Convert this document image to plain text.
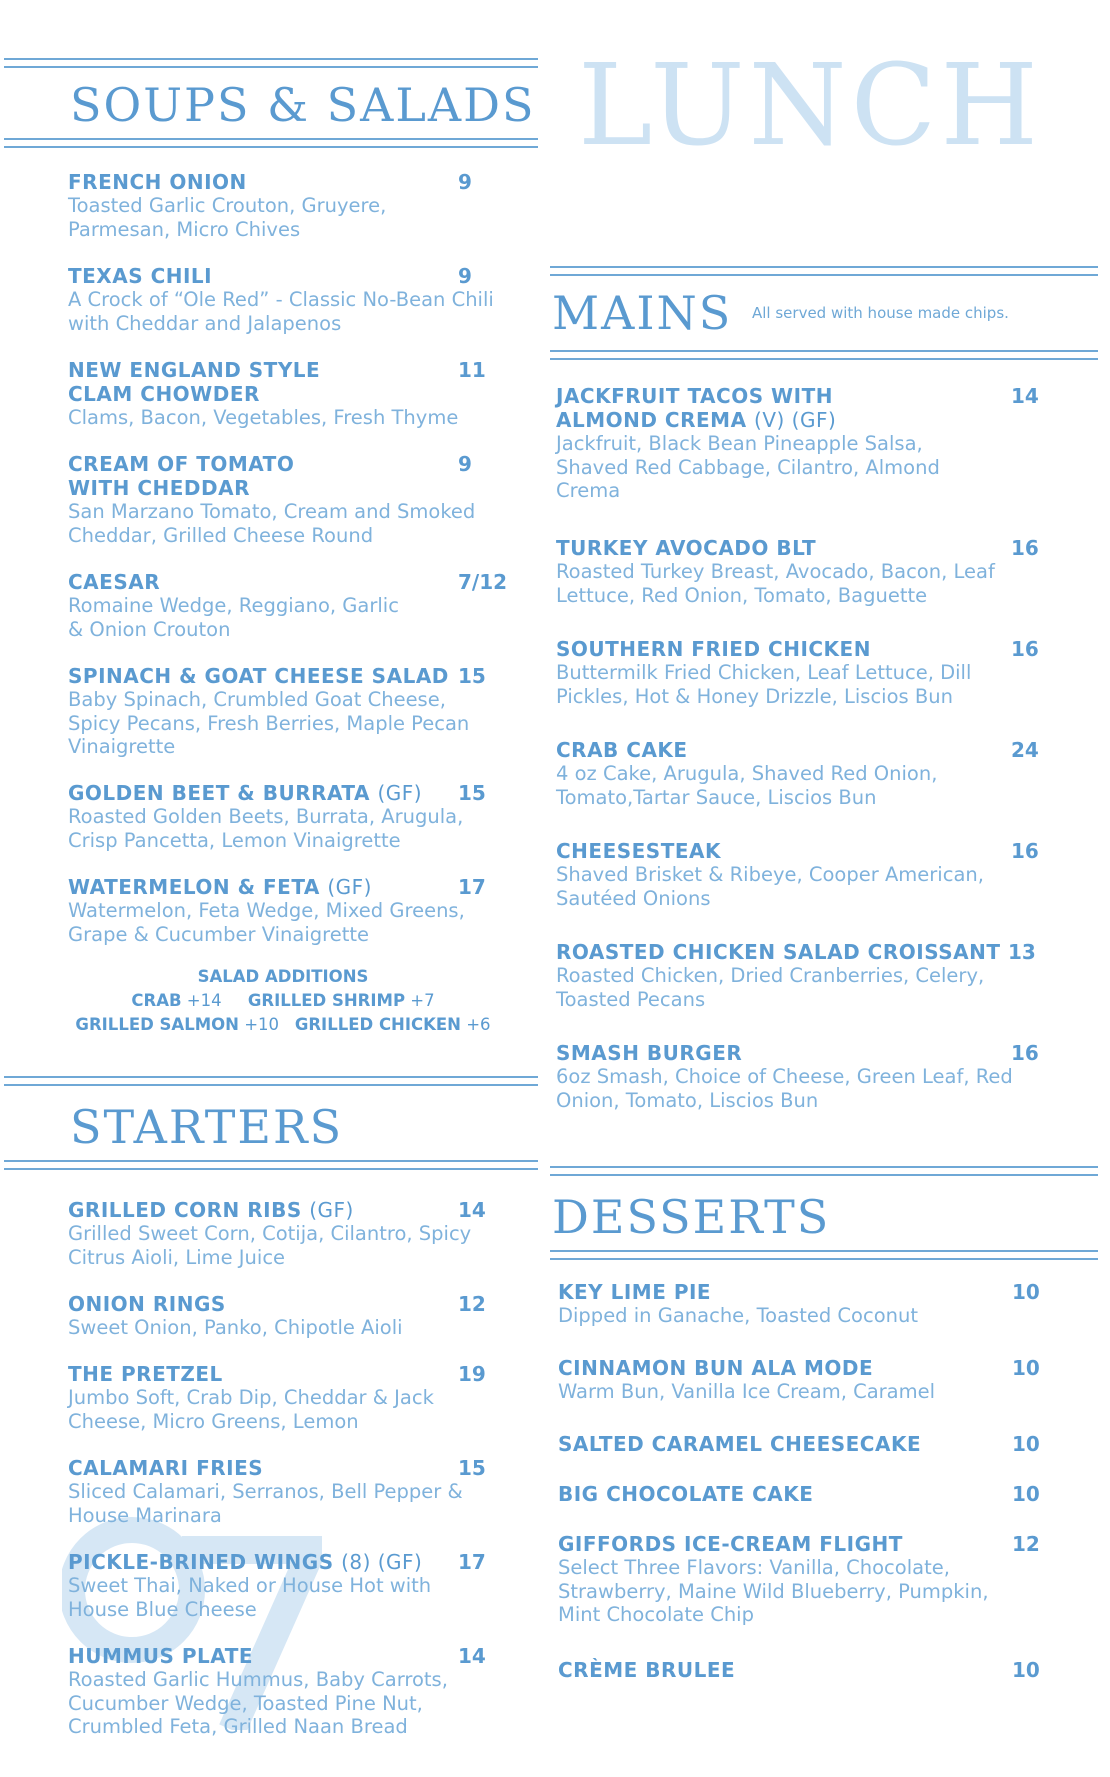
LUNCH
SOUPS & SALADS
MAINS All served with house made chips.
STARTERS
DESSERTS
FRENCH ONION	9
Toasted Garlic Crouton, Gruyere, Parmesan, Micro Chives
TEXAS CHILI	9
A Crock of “Ole Red” - Classic No-Bean Chili with Cheddar and Jalapenos
NEW ENGLAND STYLE CLAM CHOWDER
11
Clams, Bacon, Vegetables, Fresh Thyme
CREAM OF TOMATO WITH CHEDDAR
9
San Marzano Tomato, Cream and Smoked Cheddar, Grilled Cheese Round
CAESAR	7/12
Romaine Wedge, Reggiano, Garlic & Onion Crouton
SPINACH & GOAT CHEESE SALAD 15
Baby Spinach, Crumbled Goat Cheese, Spicy Pecans, Fresh Berries, Maple Pecan Vinaigrette
GOLDEN BEET & BURRATA (GF)	15
Roasted Golden Beets, Burrata, Arugula, Crisp Pancetta, Lemon Vinaigrette
WATERMELON & FETA (GF)	17
Watermelon, Feta Wedge, Mixed Greens, Grape & Cucumber Vinaigrette
SALAD ADDITIONS
CRAB +14 GRILLED SHRIMP +7
GRILLED SALMON +10 GRILLED CHICKEN +6
GRILLED CORN RIBS (GF)	14
Grilled Sweet Corn, Cotija, Cilantro, Spicy Citrus Aioli, Lime Juice
ONION RINGS	12
Sweet Onion, Panko, Chipotle Aioli
THE PRETZEL	19
Jumbo Soft, Crab Dip, Cheddar & Jack Cheese, Micro Greens, Lemon
CALAMARI FRIES	15
Sliced Calamari, Serranos, Bell Pepper & House Marinara
PICKLE-BRINED WINGS (8) (GF)	17
Sweet Thai, Naked or House Hot with House Blue Cheese
HUMMUS PLATE	14
Roasted Garlic Hummus, Baby Carrots, Cucumber Wedge, Toasted Pine Nut, Crumbled Feta, Grilled Naan Bread
JACKFRUIT TACOS WITH ALMOND CREMA (V) (GF)
14
Jackfruit, Black Bean Pineapple Salsa, Shaved Red Cabbage, Cilantro, Almond Crema
TURKEY AVOCADO BLT	16
Roasted Turkey Breast, Avocado, Bacon, Leaf Lettuce, Red Onion, Tomato, Baguette
SOUTHERN FRIED CHICKEN	16
Buttermilk Fried Chicken, Leaf Lettuce, Dill Pickles, Hot & Honey Drizzle, Liscios Bun
CRAB CAKE	24
4 oz Cake, Arugula, Shaved Red Onion, Tomato,Tartar Sauce, Liscios Bun
CHEESESTEAK	16
Shaved Brisket & Ribeye, Cooper American, Sautéed Onions
ROASTED CHICKEN SALAD CROISSANT 13
Roasted Chicken, Dried Cranberries, Celery, Toasted Pecans
SMASH BURGER	16
6oz Smash, Choice of Cheese, Green Leaf, Red Onion, Tomato, Liscios Bun
KEY LIME PIE	10
Dipped in Ganache, Toasted Coconut
CINNAMON BUN ALA MODE	10
Warm Bun, Vanilla Ice Cream, Caramel
SALTED CARAMEL CHEESECAKE	10
BIG CHOCOLATE CAKE	10
GIFFORDS ICE-CREAM FLIGHT	12
Select Three Flavors: Vanilla, Chocolate, Strawberry, Maine Wild Blueberry, Pumpkin, Mint Chocolate Chip
CRÈME BRULEE	10
